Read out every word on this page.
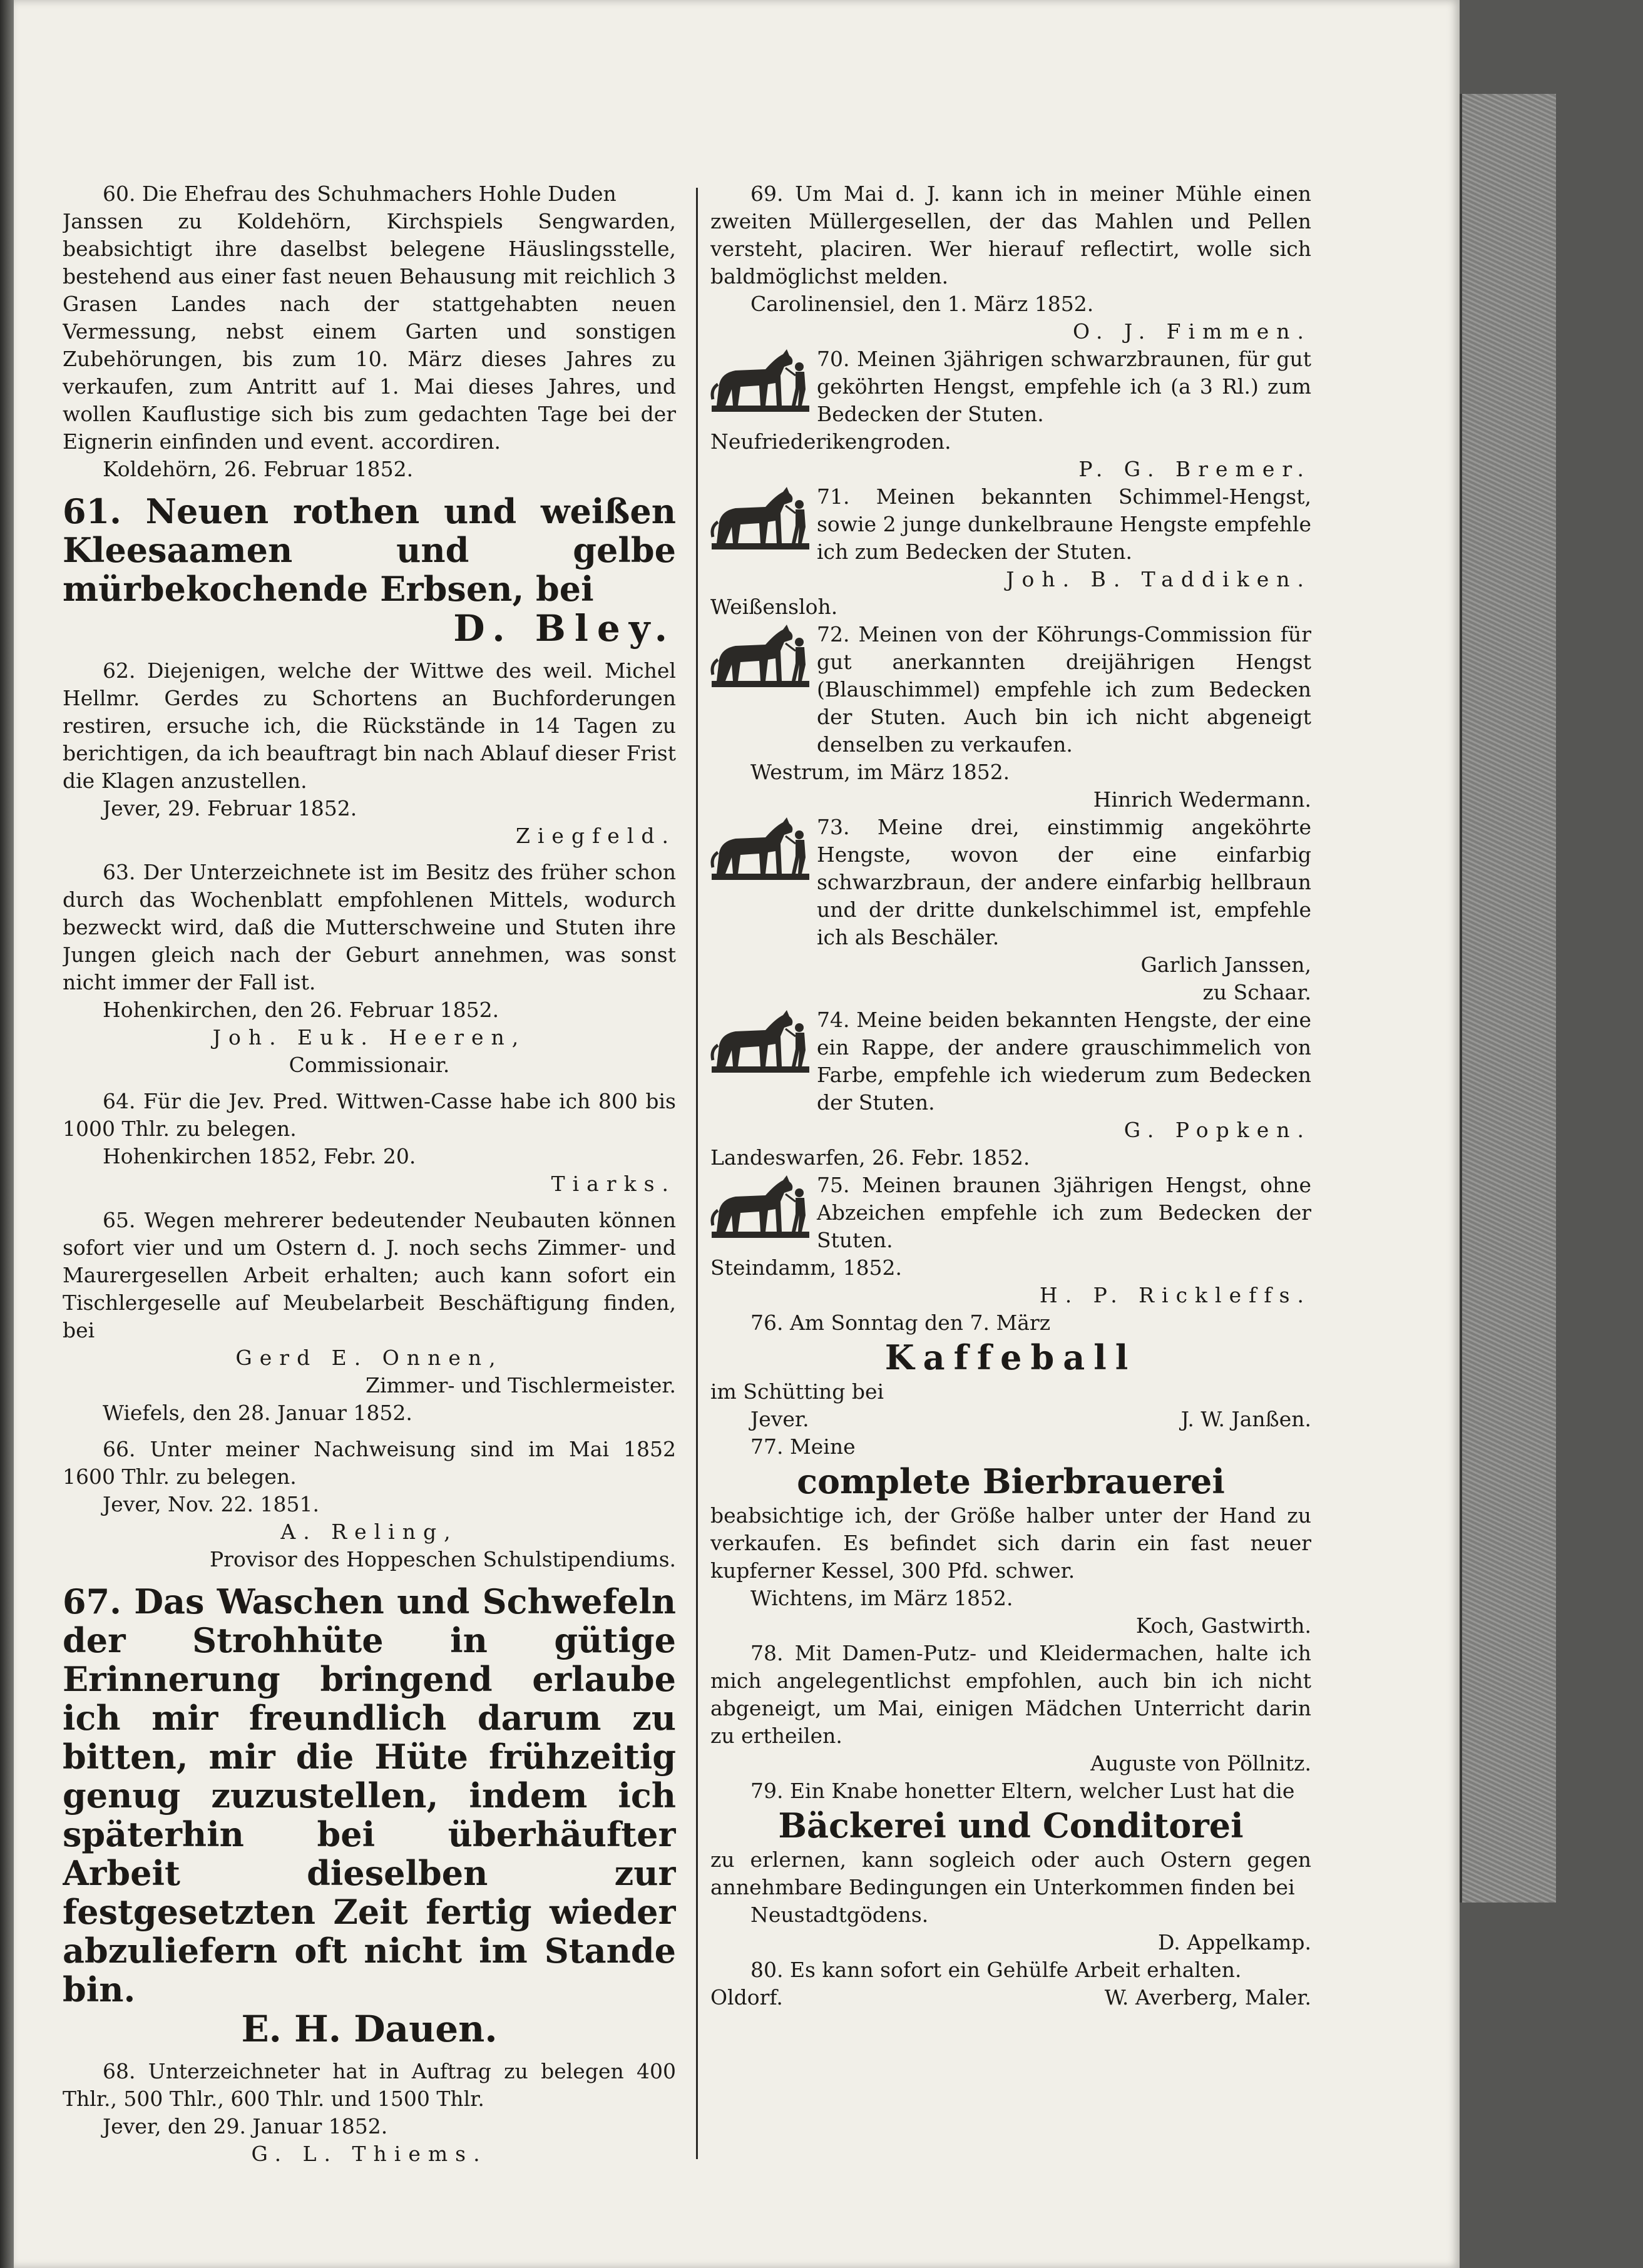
60. Die Ehefrau des Schuhmachers Hohle Duden

Janssen zu Koldehörn, Kirchspiels Sengwarden, beabsichtigt ihre daselbst belegene Häuslingsstelle, bestehend aus einer fast neuen Behausung mit reichlich 3 Grasen Landes nach der stattgehabten neuen Vermessung, nebst einem Garten und sonstigen Zubehörungen, bis zum 10. März dieses Jahres zu verkaufen, zum Antritt auf 1. Mai dieses Jahres, und wollen Kauflustige sich bis zum gedachten Tage bei der Eignerin einfinden und event. accordiren.

Koldehörn, 26. Februar 1852.

61. Neuen rothen und weißen Kleesaamen und gelbe mürbekochende Erbsen, bei

D. Bley.

62. Diejenigen, welche der Wittwe des weil. Michel Hellmr. Gerdes zu Schortens an Buchforderungen restiren, ersuche ich, die Rückstände in 14 Tagen zu berichtigen, da ich beauftragt bin nach Ablauf dieser Frist die Klagen anzustellen.

Jever, 29. Februar 1852.

Ziegfeld.

63. Der Unterzeichnete ist im Besitz des früher schon durch das Wochenblatt empfohlenen Mittels, wodurch bezweckt wird, daß die Mutterschweine und Stuten ihre Jungen gleich nach der Geburt annehmen, was sonst nicht immer der Fall ist.

Hohenkirchen, den 26. Februar 1852.

Joh. Euk. Heeren,

Commissionair.

64. Für die Jev. Pred. Wittwen-Casse habe ich 800 bis 1000 Thlr. zu belegen.

Hohenkirchen 1852, Febr. 20.

Tiarks.

65. Wegen mehrerer bedeutender Neubauten können sofort vier und um Ostern d. J. noch sechs Zimmer- und Maurergesellen Arbeit erhalten; auch kann sofort ein Tischlergeselle auf Meubelarbeit Beschäftigung finden, bei

Gerd E. Onnen,

Zimmer- und Tischlermeister.

Wiefels, den 28. Januar 1852.

66. Unter meiner Nachweisung sind im Mai 1852 1600 Thlr. zu belegen.

Jever, Nov. 22. 1851.

A. Reling,

Provisor des Hoppeschen Schulstipendiums.

67. Das Waschen und Schwefeln der Strohhüte in gütige Erinnerung bringend erlaube ich mir freundlich darum zu bitten, mir die Hüte frühzeitig genug zuzustellen, indem ich späterhin bei überhäufter Arbeit dieselben zur festgesetzten Zeit fertig wieder abzuliefern oft nicht im Stande bin.

E. H. Dauen.

68. Unterzeichneter hat in Auftrag zu belegen 400 Thlr., 500 Thlr., 600 Thlr. und 1500 Thlr.

Jever, den 29. Januar 1852.

G. L. Thiems.

69. Um Mai d. J. kann ich in meiner Mühle einen zweiten Müllergesellen, der das Mahlen und Pellen versteht, placiren. Wer hierauf reflectirt, wolle sich baldmöglichst melden.

Carolinensiel, den 1. März 1852.

O. J. Fimmen.

70. Meinen 3jährigen schwarzbraunen, für gut geköhrten Hengst, empfehle ich (a 3 Rl.) zum Bedecken der Stuten.

Neufriederikengroden.

P. G. Bremer.

71. Meinen bekannten Schimmel-Hengst, sowie 2 junge dunkelbraune Hengste empfehle ich zum Bedecken der Stuten.

Joh. B. Taddiken.

Weißensloh.

72. Meinen von der Köhrungs-Commission für gut anerkannten dreijährigen Hengst (Blauschimmel) empfehle ich zum Bedecken der Stuten. Auch bin ich nicht abgeneigt denselben zu verkaufen.

Westrum, im März 1852.

Hinrich Wedermann.

73. Meine drei, einstimmig angeköhrte Hengste, wovon der eine einfarbig schwarzbraun, der andere einfarbig hellbraun und der dritte dunkelschimmel ist, empfehle ich als Beschäler.

Garlich Janssen,

zu Schaar.

74. Meine beiden bekannten Hengste, der eine ein Rappe, der andere grauschimmelich von Farbe, empfehle ich wiederum zum Bedecken der Stuten.

G. Popken.

Landeswarfen, 26. Febr. 1852.

75. Meinen braunen 3jährigen Hengst, ohne Abzeichen empfehle ich zum Bedecken der Stuten.

Steindamm, 1852.

H. P. Rickleffs.

76. Am Sonntag den 7. März

Kaffeball

im Schütting bei

Jever.	J. W. Janßen.

77. Meine

complete Bierbrauerei

beabsichtige ich, der Größe halber unter der Hand zu verkaufen. Es befindet sich darin ein fast neuer kupferner Kessel, 300 Pfd. schwer.

Wichtens, im März 1852.

Koch, Gastwirth.

78. Mit Damen-Putz- und Kleidermachen, halte ich mich angelegentlichst empfohlen, auch bin ich nicht abgeneigt, um Mai, einigen Mädchen Unterricht darin zu ertheilen.

Auguste von Pöllnitz.

79. Ein Knabe honetter Eltern, welcher Lust hat die

Bäckerei und Conditorei

zu erlernen, kann sogleich oder auch Ostern gegen annehmbare Bedingungen ein Unterkommen finden bei

Neustadtgödens.

D. Appelkamp.

80. Es kann sofort ein Gehülfe Arbeit erhalten.

Oldorf.	W. Averberg, Maler.
